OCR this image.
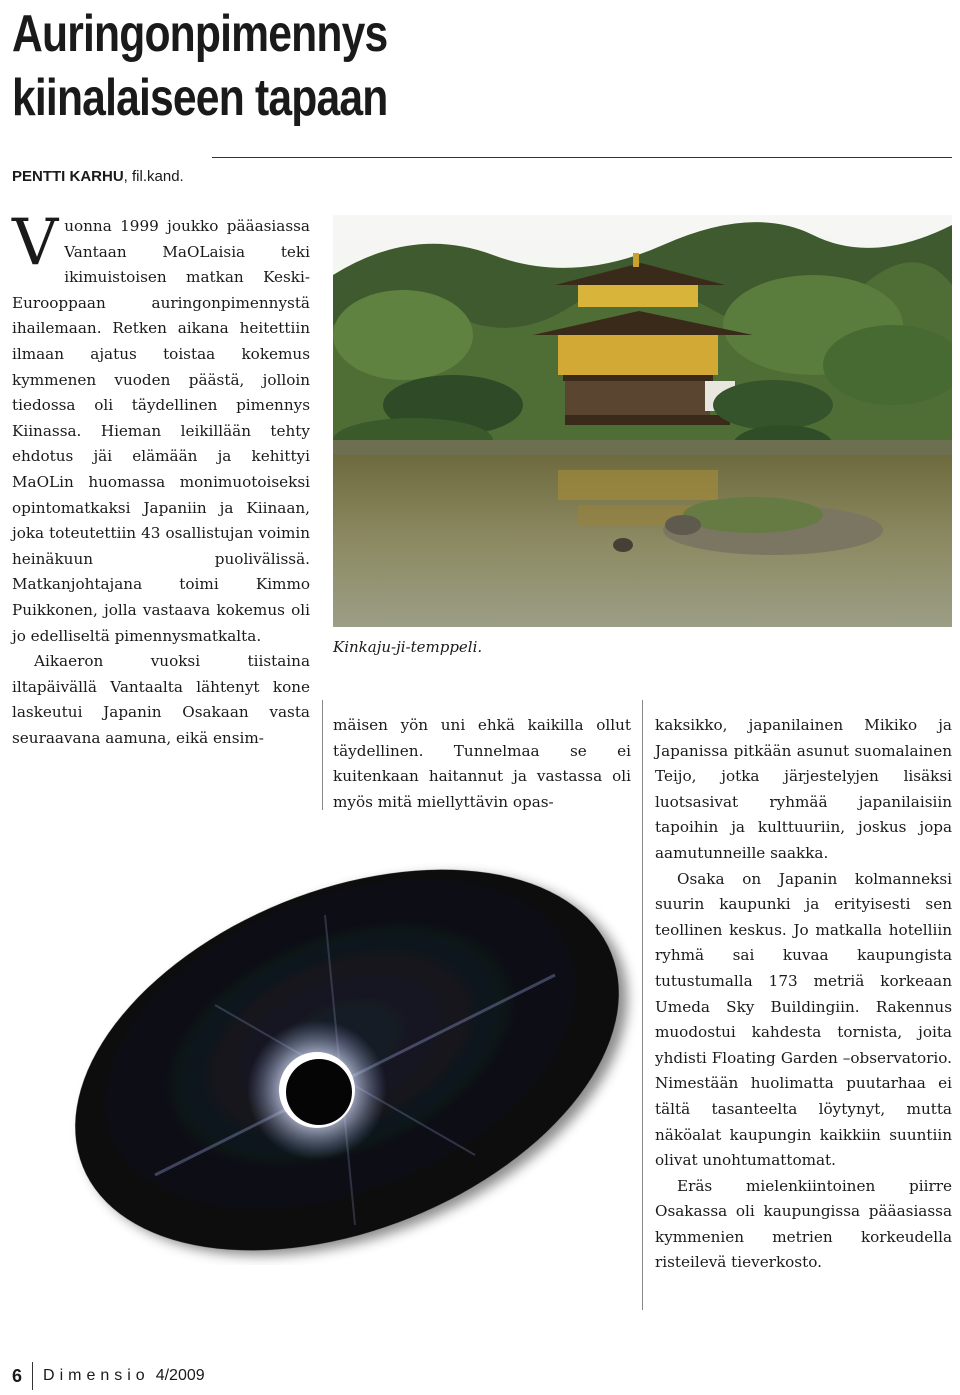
Auringonpimennys
kiinalaiseen tapaan
PENTTI KARHU, fil.kand.

Vuonna 1999 joukko pääasiassa Vantaan MaOLaisia teki ikimuistoisen matkan Keski-Eurooppaan auringonpimennystä ihailemaan. Retken aikana heitettiin ilmaan ajatus toistaa kokemus kymmenen vuoden päästä, jolloin tiedossa oli täydellinen pimennys Kiinassa. Hieman leikillään tehty ehdotus jäi elämään ja kehittyi MaOLin huomassa monimuotoiseksi opintomatkaksi Japaniin ja Kiinaan, joka toteutettiin 43 osallistujan voimin heinäkuun puolivälissä. Matkanjohtajana toimi Kimmo Puikkonen, jolla vastaava kokemus oli jo edelliseltä pimennysmatkalta.

Aikaeron vuoksi tiistaina iltapäivällä Vantaalta lähtenyt kone laskeutui Japanin Osakaan vasta seuraavana aamuna, eikä ensim-

Kinkaju-ji-temppeli.

mäisen yön uni ehkä kaikilla ollut täydellinen. Tunnelmaa se ei kuitenkaan haitannut ja vastassa oli myös mitä miellyttävin opas-

kaksikko, japanilainen Mikiko ja Japanissa pitkään asunut suomalainen Teijo, jotka järjestelyjen lisäksi luotsasivat ryhmää japanilaisiin tapoihin ja kulttuuriin, joskus jopa aamutunneille saakka.

Osaka on Japanin kolmanneksi suurin kaupunki ja erityisesti sen teollinen keskus. Jo matkalla hotelliin ryhmä sai kuvaa kaupungista tutustumalla 173 metriä korkeaan Umeda Sky Buildingiin. Rakennus muodostui kahdesta tornista, joita yhdisti Floating Garden –observatorio. Nimestään huolimatta puutarhaa ei tältä tasanteelta löytynyt, mutta näköalat kaupungin kaikkiin suuntiin olivat unohtumattomat.

Eräs mielenkiintoinen piirre Osakassa oli kaupungissa pääasiassa kymmenien metrien korkeudella risteilevä tieverkosto.

6 Dimensio 4/2009
